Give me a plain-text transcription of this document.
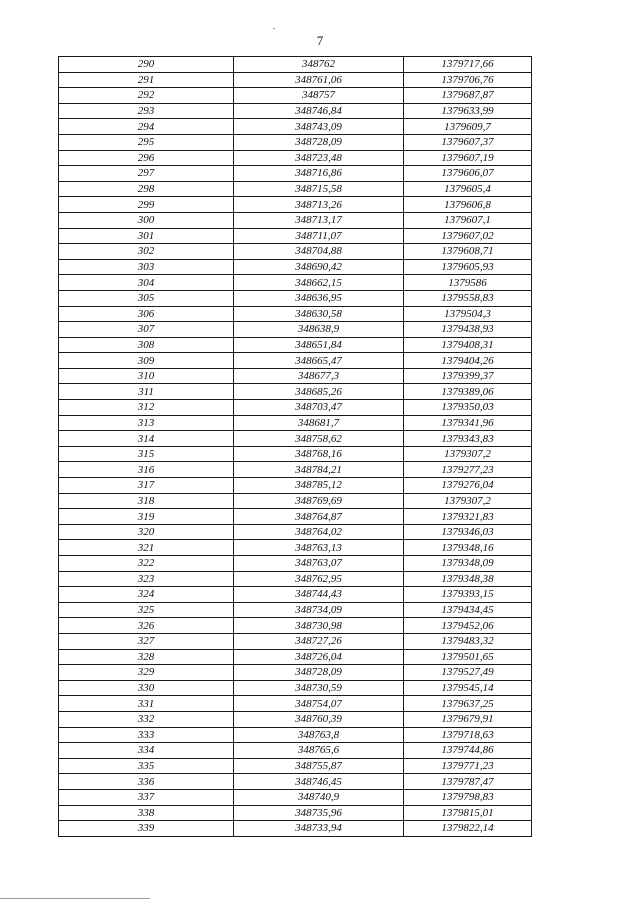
7
290	348762	1379717,66
291	348761,06	1379706,76
292	348757	1379687,87
293	348746,84	1379633,99
294	348743,09	1379609,7
295	348728,09	1379607,37
296	348723,48	1379607,19
297	348716,86	1379606,07
298	348715,58	1379605,4
299	348713,26	1379606,8
300	348713,17	1379607,1
301	348711,07	1379607,02
302	348704,88	1379608,71
303	348690,42	1379605,93
304	348662,15	1379586
305	348636,95	1379558,83
306	348630,58	1379504,3
307	348638,9	1379438,93
308	348651,84	1379408,31
309	348665,47	1379404,26
310	348677,3	1379399,37
311	348685,26	1379389,06
312	348703,47	1379350,03
313	348681,7	1379341,96
314	348758,62	1379343,83
315	348768,16	1379307,2
316	348784,21	1379277,23
317	348785,12	1379276,04
318	348769,69	1379307,2
319	348764,87	1379321,83
320	348764,02	1379346,03
321	348763,13	1379348,16
322	348763,07	1379348,09
323	348762,95	1379348,38
324	348744,43	1379393,15
325	348734,09	1379434,45
326	348730,98	1379452,06
327	348727,26	1379483,32
328	348726,04	1379501,65
329	348728,09	1379527,49
330	348730,59	1379545,14
331	348754,07	1379637,25
332	348760,39	1379679,91
333	348763,8	1379718,63
334	348765,6	1379744,86
335	348755,87	1379771,23
336	348746,45	1379787,47
337	348740,9	1379798,83
338	348735,96	1379815,01
339	348733,94	1379822,14
